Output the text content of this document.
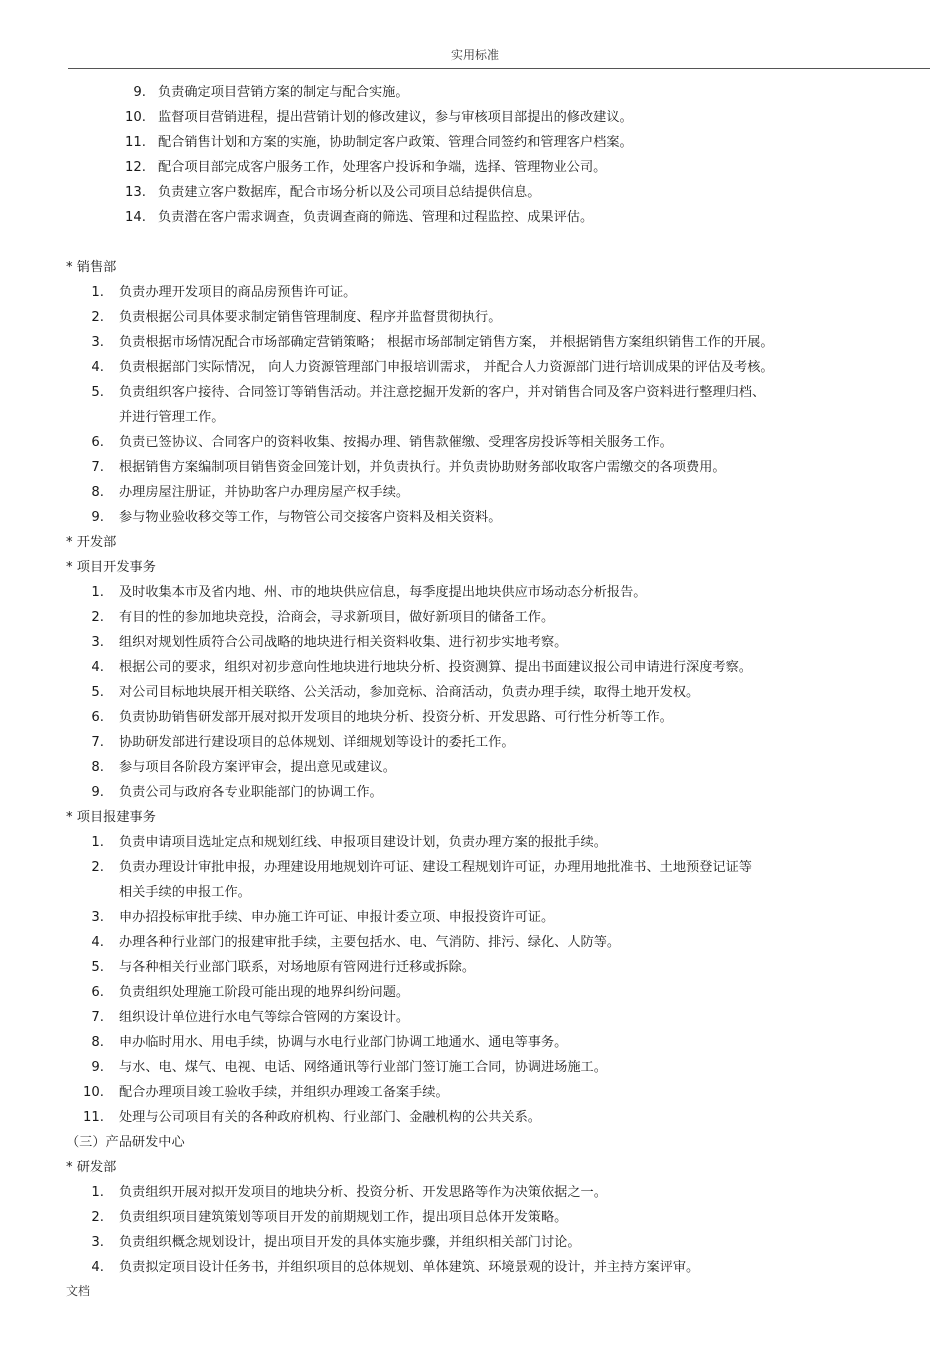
实用标准
9. 负责确定项目营销方案的制定与配合实施。
10. 监督项目营销进程，提出营销计划的修改建议，参与审核项目部提出的修改建议。
11. 配合销售计划和方案的实施，协助制定客户政策、管理合同签约和管理客户档案。
12. 配合项目部完成客户服务工作，处理客户投诉和争端，选择、管理物业公司。
13. 负责建立客户数据库，配合市场分析以及公司项目总结提供信息。
14. 负责潜在客户需求调查，负责调查商的筛选、管理和过程监控、成果评估。
* 销售部
1. 负责办理开发项目的商品房预售许可证。
2. 负责根据公司具体要求制定销售管理制度、程序并监督贯彻执行。
3. 负责根据市场情况配合市场部确定营销策略； 根据市场部制定销售方案， 并根据销售方案组织销售工作的开展。
4. 负责根据部门实际情况， 向人力资源管理部门申报培训需求， 并配合人力资源部门进行培训成果的评估及考核。
5. 负责组织客户接待、合同签订等销售活动。并注意挖掘开发新的客户，并对销售合同及客户资料进行整理归档、
并进行管理工作。
6. 负责已签协议、合同客户的资料收集、按揭办理、销售款催缴、受理客房投诉等相关服务工作。
7. 根据销售方案编制项目销售资金回笼计划，并负责执行。并负责协助财务部收取客户需缴交的各项费用。
8. 办理房屋注册证，并协助客户办理房屋产权手续。
9. 参与物业验收移交等工作，与物管公司交接客户资料及相关资料。
* 开发部
* 项目开发事务
1. 及时收集本市及省内地、州、市的地块供应信息，每季度提出地块供应市场动态分析报告。
2. 有目的性的参加地块竞投，洽商会，寻求新项目，做好新项目的储备工作。
3. 组织对规划性质符合公司战略的地块进行相关资料收集、进行初步实地考察。
4. 根据公司的要求，组织对初步意向性地块进行地块分析、投资测算、提出书面建议报公司申请进行深度考察。
5. 对公司目标地块展开相关联络、公关活动，参加竞标、洽商活动，负责办理手续，取得土地开发权。
6. 负责协助销售研发部开展对拟开发项目的地块分析、投资分析、开发思路、可行性分析等工作。
7. 协助研发部进行建设项目的总体规划、详细规划等设计的委托工作。
8. 参与项目各阶段方案评审会，提出意见或建议。
9. 负责公司与政府各专业职能部门的协调工作。
* 项目报建事务
1. 负责申请项目选址定点和规划红线、申报项目建设计划，负责办理方案的报批手续。
2. 负责办理设计审批申报，办理建设用地规划许可证、建设工程规划许可证，办理用地批准书、土地预登记证等
相关手续的申报工作。
3. 申办招投标审批手续、申办施工许可证、申报计委立项、申报投资许可证。
4. 办理各种行业部门的报建审批手续，主要包括水、电、气消防、排污、绿化、人防等。
5. 与各种相关行业部门联系，对场地原有管网进行迁移或拆除。
6. 负责组织处理施工阶段可能出现的地界纠纷问题。
7. 组织设计单位进行水电气等综合管网的方案设计。
8. 申办临时用水、用电手续，协调与水电行业部门协调工地通水、通电等事务。
9. 与水、电、煤气、电视、电话、网络通讯等行业部门签订施工合同，协调进场施工。
10. 配合办理项目竣工验收手续，并组织办理竣工备案手续。
11. 处理与公司项目有关的各种政府机构、行业部门、金融机构的公共关系。
（三）产品研发中心
* 研发部
1. 负责组织开展对拟开发项目的地块分析、投资分析、开发思路等作为决策依据之一。
2. 负责组织项目建筑策划等项目开发的前期规划工作，提出项目总体开发策略。
3. 负责组织概念规划设计，提出项目开发的具体实施步骤，并组织相关部门讨论。
4. 负责拟定项目设计任务书，并组织项目的总体规划、单体建筑、环境景观的设计，并主持方案评审。
文档
